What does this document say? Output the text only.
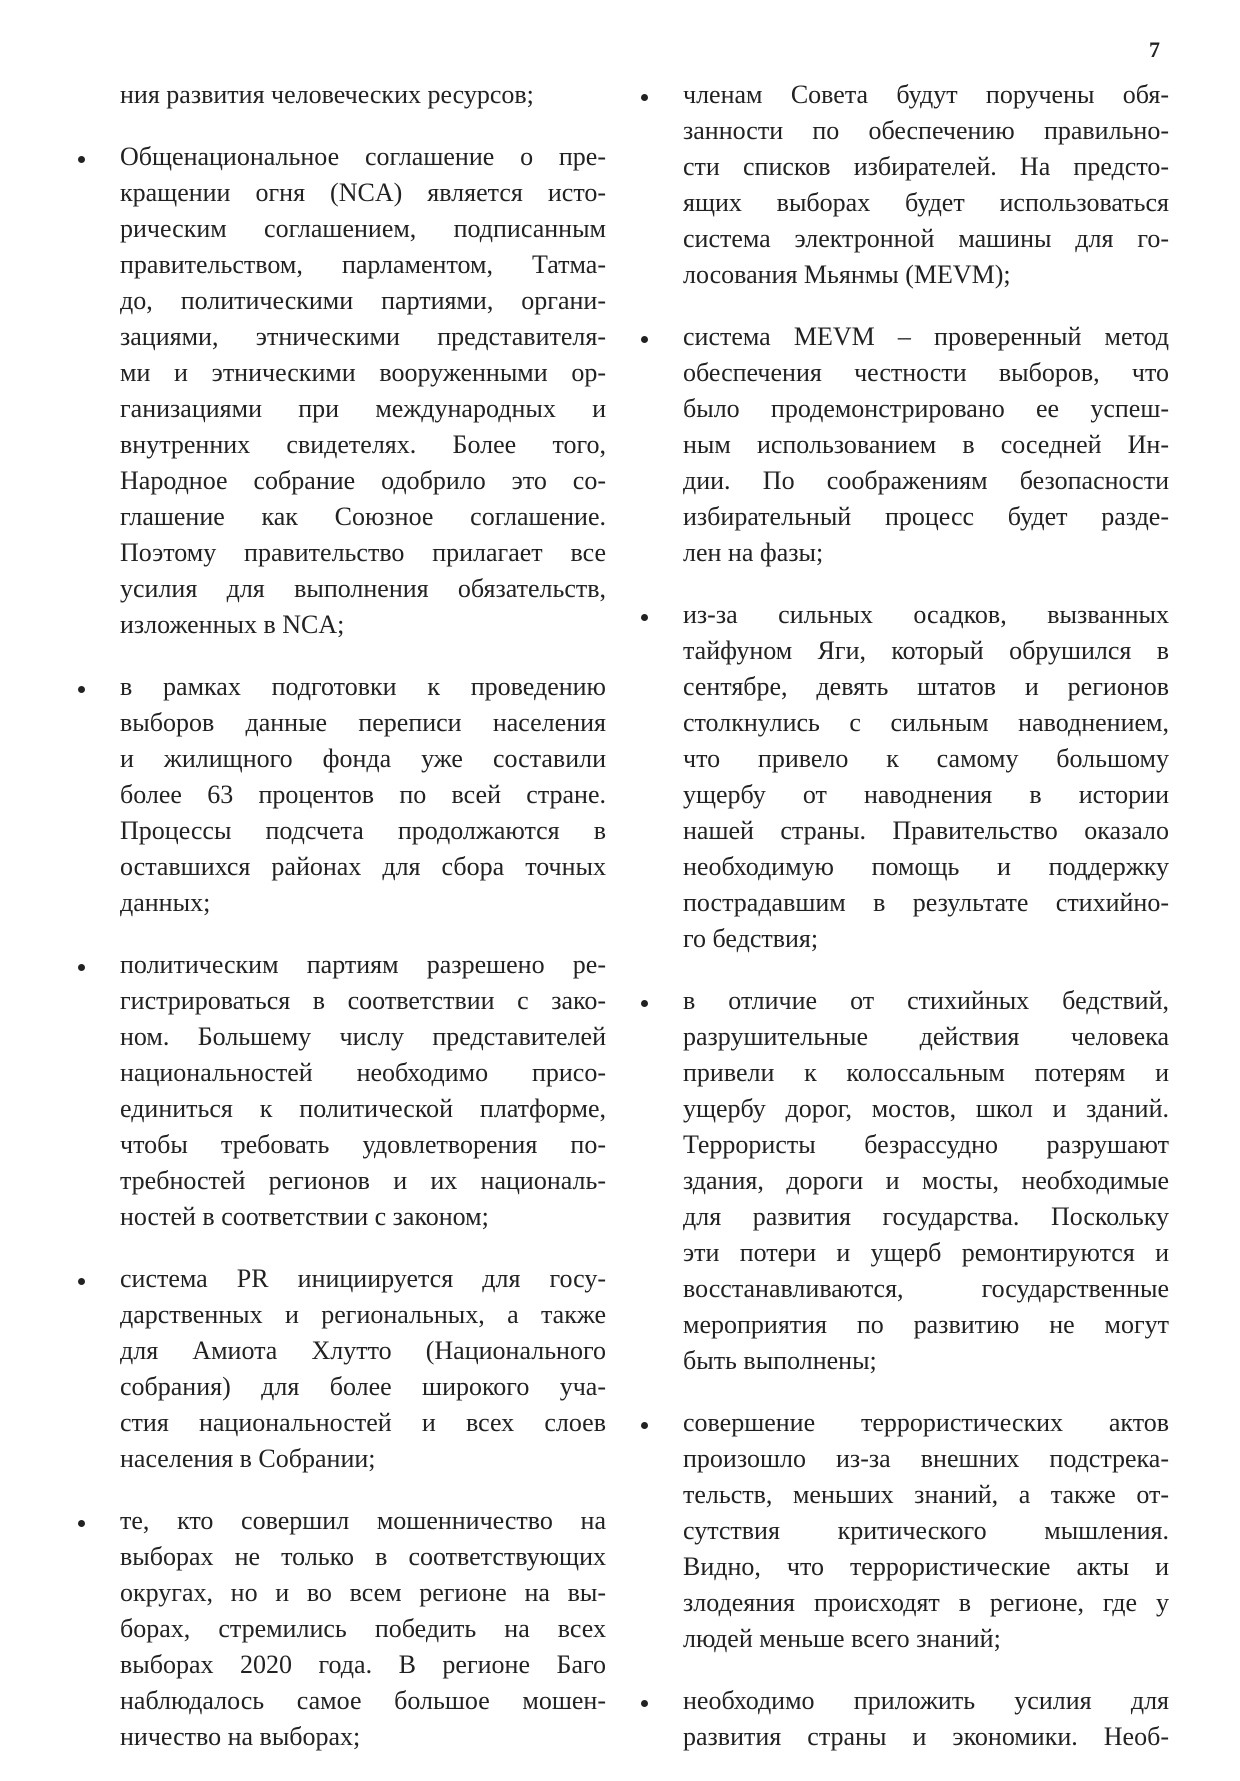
7
ния развития человеческих ресурсов;
Общенациональное соглашение о пре-
кращении огня (NCA) является исто-
рическим соглашением, подписанным
правительством, парламентом, Татма-
до, политическими партиями, органи-
зациями, этническими представителя-
ми и этническими вооруженными ор-
ганизациями при международных и
внутренних свидетелях. Более того,
Народное собрание одобрило это со-
глашение как Союзное соглашение.
Поэтому правительство прилагает все
усилия для выполнения обязательств,
изложенных в NCA;
в рамках подготовки к проведению
выборов данные переписи населения
и жилищного фонда уже составили
более 63 процентов по всей стране.
Процессы подсчета продолжаются в
оставшихся районах для сбора точных
данных;
политическим партиям разрешено ре-
гистрироваться в соответствии с зако-
ном. Большему числу представителей
национальностей необходимо присо-
единиться к политической платформе,
чтобы требовать удовлетворения по-
требностей регионов и их националь-
ностей в соответствии с законом;
система PR инициируется для госу-
дарственных и региональных, а также
для Амиота Хлутто (Национального
собрания) для более широкого уча-
стия национальностей и всех слоев
населения в Собрании;
те, кто совершил мошенничество на
выборах не только в соответствующих
округах, но и во всем регионе на вы-
борах, стремились победить на всех
выборах 2020 года. В регионе Баго
наблюдалось самое большое мошен-
ничество на выборах;
членам Совета будут поручены обя-
занности по обеспечению правильно-
сти списков избирателей. На предсто-
ящих выборах будет использоваться
система электронной машины для го-
лосования Мьянмы (MEVM);
система MEVM – проверенный метод
обеспечения честности выборов, что
было продемонстрировано ее успеш-
ным использованием в соседней Ин-
дии. По соображениям безопасности
избирательный процесс будет разде-
лен на фазы;
из-за сильных осадков, вызванных
тайфуном Яги, который обрушился в
сентябре, девять штатов и регионов
столкнулись с сильным наводнением,
что привело к самому большому
ущербу от наводнения в истории
нашей страны. Правительство оказало
необходимую помощь и поддержку
пострадавшим в результате стихийно-
го бедствия;
в отличие от стихийных бедствий,
разрушительные действия человека
привели к колоссальным потерям и
ущербу дорог, мостов, школ и зданий.
Террористы безрассудно разрушают
здания, дороги и мосты, необходимые
для развития государства. Поскольку
эти потери и ущерб ремонтируются и
восстанавливаются, государственные
мероприятия по развитию не могут
быть выполнены;
совершение террористических актов
произошло из-за внешних подстрека-
тельств, меньших знаний, а также от-
сутствия критического мышления.
Видно, что террористические акты и
злодеяния происходят в регионе, где у
людей меньше всего знаний;
необходимо приложить усилия для
развития страны и экономики. Необ-
